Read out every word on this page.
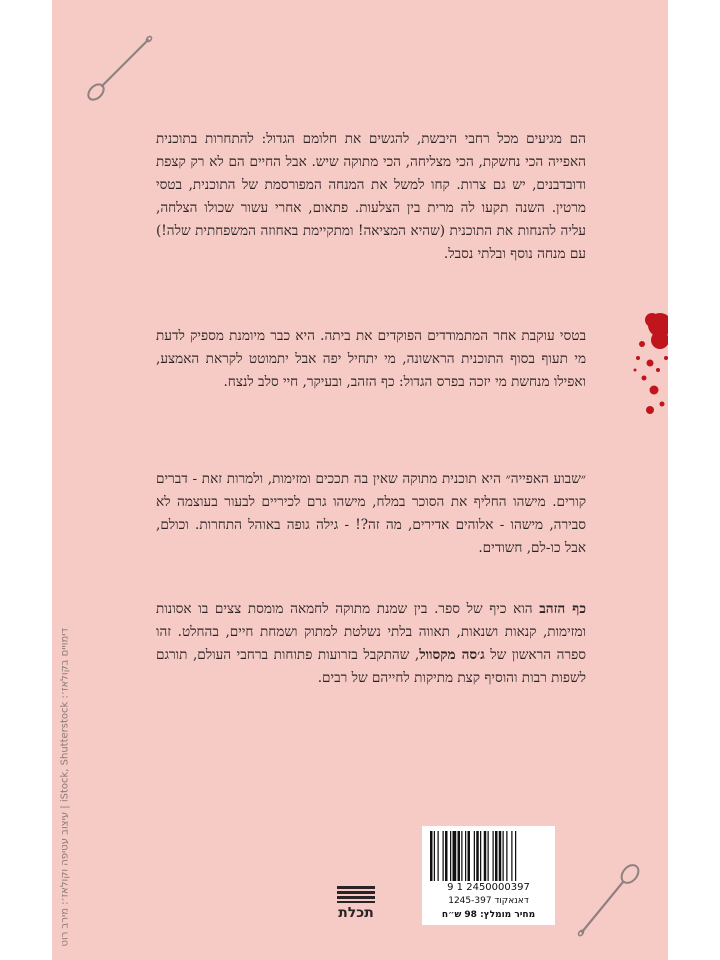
הם מגיעים מכל רחבי היבשת, להגשים את חלומם הגדול: להתחרות בתוכנית האפייה הכי נחשקת, הכי מצליחה, הכי מתוקה שיש. אבל החיים הם לא רק קצפת ודובדבנים, יש גם צרות. קחו למשל את המנחה המפורסמת של התוכנית, בטסי מרטין. השנה תקעו לה מרית בין הצלעות. פתאום, אחרי עשור שכולו הצלחה, עליה להנחות את התוכנית (שהיא המציאה! ומתקיימת באחוזה המשפחתית שלה!) עם מנחה נוסף ובלתי נסבל.
בטסי עוקבת אחר המתמודדים הפוקדים את ביתה. היא כבר מיומנת מספיק לדעת מי תעוף בסוף התוכנית הראשונה, מי יתחיל יפה אבל יתמוטט לקראת האמצע, ואפילו מנחשת מי יזכה בפרס הגדול: כף הזהב, ובעיקר, חיי סלב לנצח.
״שבוע האפייה״ היא תוכנית מתוקה שאין בה תככים ומזימות, ולמרות זאת - דברים קורים. מישהו החליף את הסוכר במלח, מישהו גרם לכיריים לבעור בעוצמה לא סבירה, מישהו - אלוהים אדירים, מה זה?! - גילה גופה באוהל התחרות. וכולם, אבל כו-לם, חשודים.
כף הזהב הוא כיף של ספר. בין שמנת מתוקה לחמאה מומסת צצים בו אסונות ומזימות, קנאות ושנאות, תאווה בלתי נשלטת למתוק ושמחת חיים, בהחלט. זהו ספרה הראשון של ג׳סה מקסוול, שהתקבל בזרועות פתוחות ברחבי העולם, תורגם לשפות רבות והוסיף קצת מתיקות לחייהם של רבים.
דימויים בקולאז׳: iStock, Shutterstock | עיצוב עטיפה וקולאז׳: מירב רוט
תכלת
9 1 2450000397
דאנאקוד 1245-397
מחיר מומלץ: 98 ש״ח
